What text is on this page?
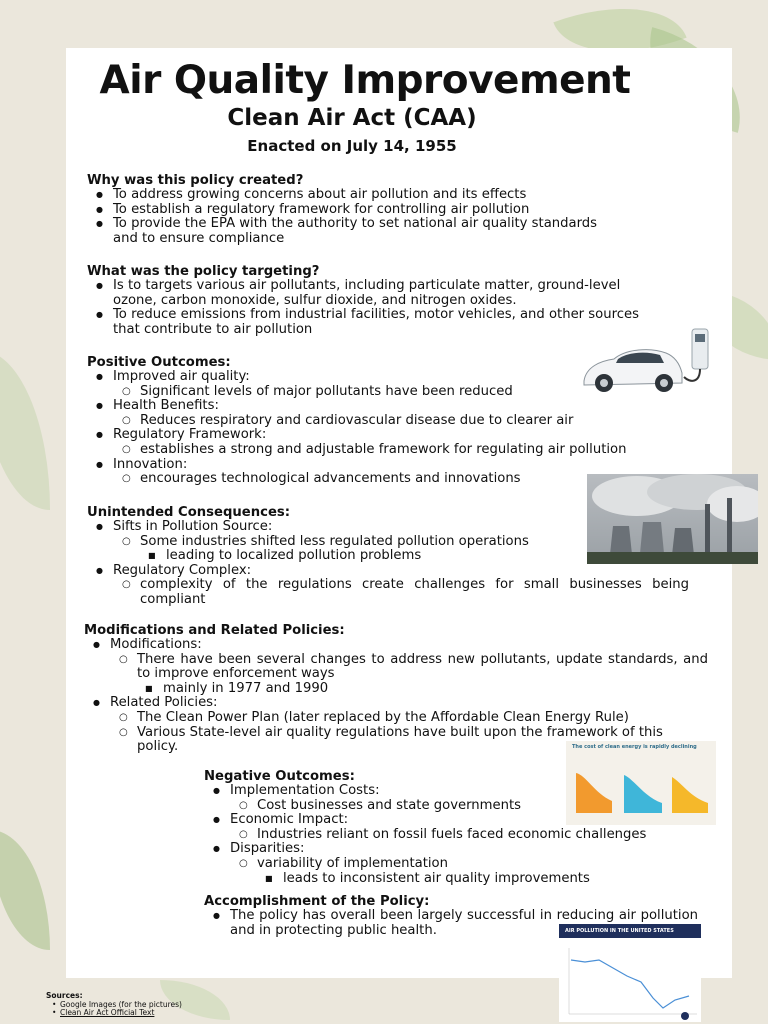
Air Quality Improvement
Clean Air Act (CAA)
Enacted on July 14, 1955
Why was this policy created?
● To address growing concerns about air pollution and its effects
● To establish a regulatory framework for controlling air pollution
● To provide the EPA with the authority to set national air quality standards and to ensure compliance
What was the policy targeting?
● Is to targets various air pollutants, including particulate matter, ground-level ozone, carbon monoxide, sulfur dioxide, and nitrogen oxides.
● To reduce emissions from industrial facilities, motor vehicles, and other sources that contribute to air pollution
Positive Outcomes:
● Improved air quality:
○ Significant levels of major pollutants have been reduced
● Health Benefits:
○ Reduces respiratory and cardiovascular disease due to clearer air
● Regulatory Framework:
○ establishes a strong and adjustable framework for regulating air pollution
● Innovation:
○ encourages technological advancements and innovations
Unintended Consequences:
● Sifts in Pollution Source:
○ Some industries shifted less regulated pollution operations
■ leading to localized pollution problems
● Regulatory Complex:
○ complexity of the regulations create challenges for small businesses being compliant
Modifications and Related Policies:
● Modifications:
○ There have been several changes to address new pollutants, update standards, and to improve enforcement ways
■ mainly in 1977 and 1990
● Related Policies:
○ The Clean Power Plan (later replaced by the Affordable Clean Energy Rule)
○ Various State-level air quality regulations have built upon the framework of this policy.	The cost of clean energy is rapidly declining
Negative Outcomes:
● Implementation Costs:
○ Cost businesses and state governments
● Economic Impact:
○ Industries reliant on fossil fuels faced economic challenges
● Disparities:
○ variability of implementation
■ leads to inconsistent air quality improvements
Accomplishment of the Policy:
● The policy has overall been largely successful in reducing air pollution and in protecting public health.	AIR POLLUTION IN THE UNITED STATES
Sources:
• Google Images (for the pictures)
• Clean Air Act Official Text
